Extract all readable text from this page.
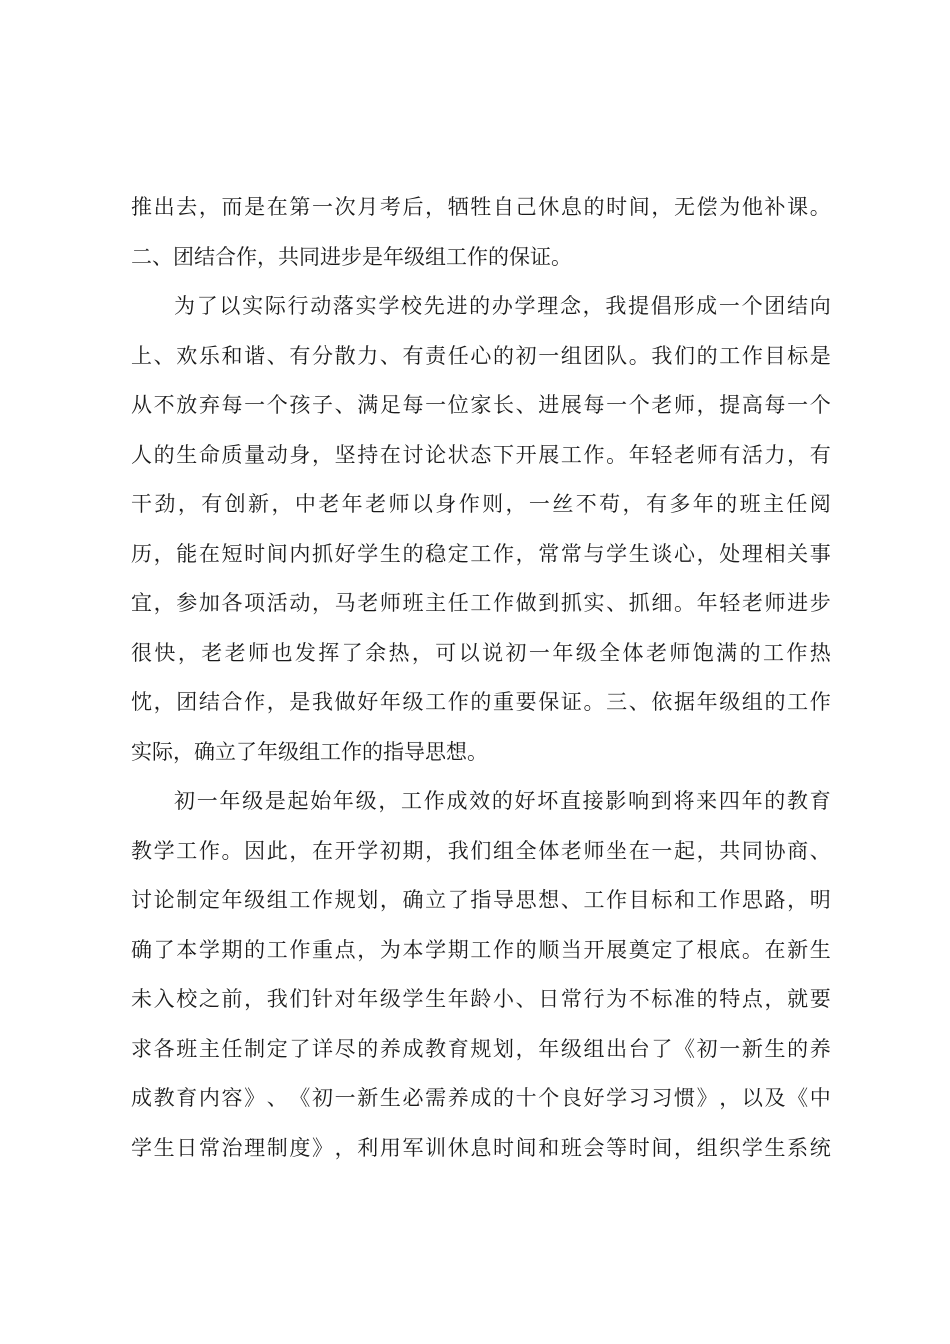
推 出 去 ， 而 是 在 第 一 次 月 考 后 ， 牺 牲 自 己 休 息 的 时 间 ， 无 偿 为 他 补 课 。
二 、 团 结 合 作 ， 共 同 进 步 是 年 级 组 工 作 的 保 证 。
为 了 以 实 际 行 动 落 实 学 校 先 进 的 办 学 理 念 ， 我 提 倡 形 成 一 个 团 结 向
上 、 欢 乐 和 谐 、 有 分 散 力 、 有 责 任 心 的 初 一 组 团 队 。 我 们 的 工 作 目 标 是
从 不 放 弃 每 一 个 孩 子 、 满 足 每 一 位 家 长 、 进 展 每 一 个 老 师 ， 提 高 每 一 个
人 的 生 命 质 量 动 身 ， 坚 持 在 讨 论 状 态 下 开 展 工 作 。 年 轻 老 师 有 活 力 ， 有
干 劲 ， 有 创 新 ， 中 老 年 老 师 以 身 作 则 ， 一 丝 不 苟 ， 有 多 年 的 班 主 任 阅
历 ， 能 在 短 时 间 内 抓 好 学 生 的 稳 定 工 作 ， 常 常 与 学 生 谈 心 ， 处 理 相 关 事
宜 ， 参 加 各 项 活 动 ， 马 老 师 班 主 任 工 作 做 到 抓 实 、 抓 细 。 年 轻 老 师 进 步
很 快 ， 老 老 师 也 发 挥 了 余 热 ， 可 以 说 初 一 年 级 全 体 老 师 饱 满 的 工 作 热
忱 ， 团 结 合 作 ， 是 我 做 好 年 级 工 作 的 重 要 保 证 。 三 、 依 据 年 级 组 的 工 作
实 际 ， 确 立 了 年 级 组 工 作 的 指 导 思 想 。
初 一 年 级 是 起 始 年 级 ， 工 作 成 效 的 好 坏 直 接 影 响 到 将 来 四 年 的 教 育
教 学 工 作 。 因 此 ， 在 开 学 初 期 ， 我 们 组 全 体 老 师 坐 在 一 起 ， 共 同 协 商 、
讨 论 制 定 年 级 组 工 作 规 划 ， 确 立 了 指 导 思 想 、 工 作 目 标 和 工 作 思 路 ， 明
确 了 本 学 期 的 工 作 重 点 ， 为 本 学 期 工 作 的 顺 当 开 展 奠 定 了 根 底 。 在 新 生
未 入 校 之 前 ， 我 们 针 对 年 级 学 生 年 龄 小 、 日 常 行 为 不 标 准 的 特 点 ， 就 要
求 各 班 主 任 制 定 了 详 尽 的 养 成 教 育 规 划 ， 年 级 组 出 台 了 《 初 一 新 生 的 养
成 教 育 内 容 》 、 《 初 一 新 生 必 需 养 成 的 十 个 良 好 学 习 习 惯 》 ， 以 及 《 中
学 生 日 常 治 理 制 度 》 ， 利 用 军 训 休 息 时 间 和 班 会 等 时 间 ， 组 织 学 生 系 统
